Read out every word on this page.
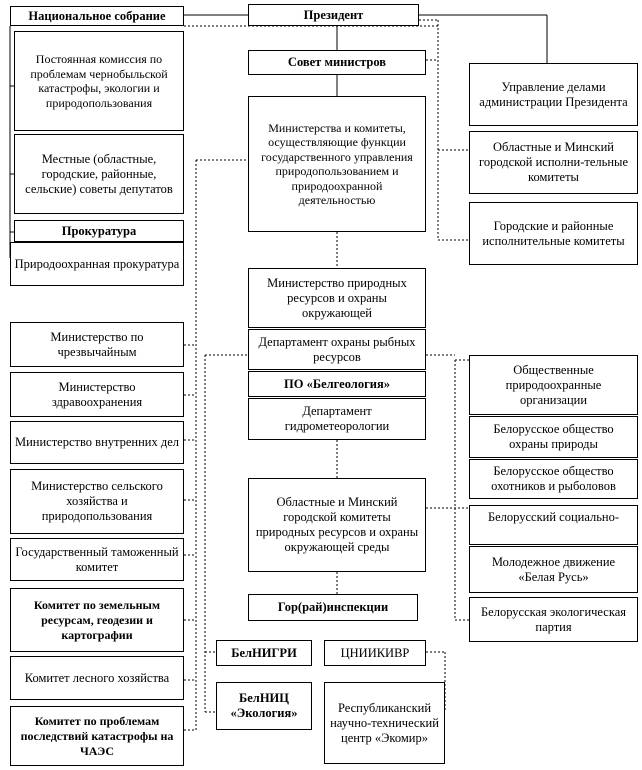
Национальное собрание	Президент
Совет министров
Постоянная комиссия по проблемам чернобыльской катастрофы, экологии и природопользования
Местные (областные, городские, районные, сельские) советы депутатов
Прокуратура
Природоохранная прокуратура
Министерство по чрезвычайным
Министерство здравоохранения
Министерство внутренних дел
Министерство сельского хозяйства и природопользования
Государственный таможенный комитет
Комитет по земельным ресурсам, геодезии и картографии
Комитет лесного хозяйства
Комитет по проблемам последствий катастрофы на ЧАЭС
Министерства и комитеты, осуществляющие функции государственного управления природопользованием и природоохранной деятельностью
Министерство природных ресурсов и охраны окружающей
Департамент охраны рыбных ресурсов
ПО «Белгеология»
Департамент гидрометеорологии
Областные и Минский городской комитеты природных ресурсов и охраны окружающей среды
Гор(рай)инспекции
БелНИГРИ	ЦНИИКИВР
БелНИЦ «Экология»	Республиканский научно-технический центр «Экомир»
Управление делами администрации Президента
Областные и Минский городской исполни-тельные комитеты
Городские и районные исполнительные комитеты
Общественные природоохранные организации
Белорусское общество охраны природы
Белорусское общество охотников и рыболовов
Белорусский социально-
Молодежное движение «Белая Русь»
Белорусская экологическая партия
